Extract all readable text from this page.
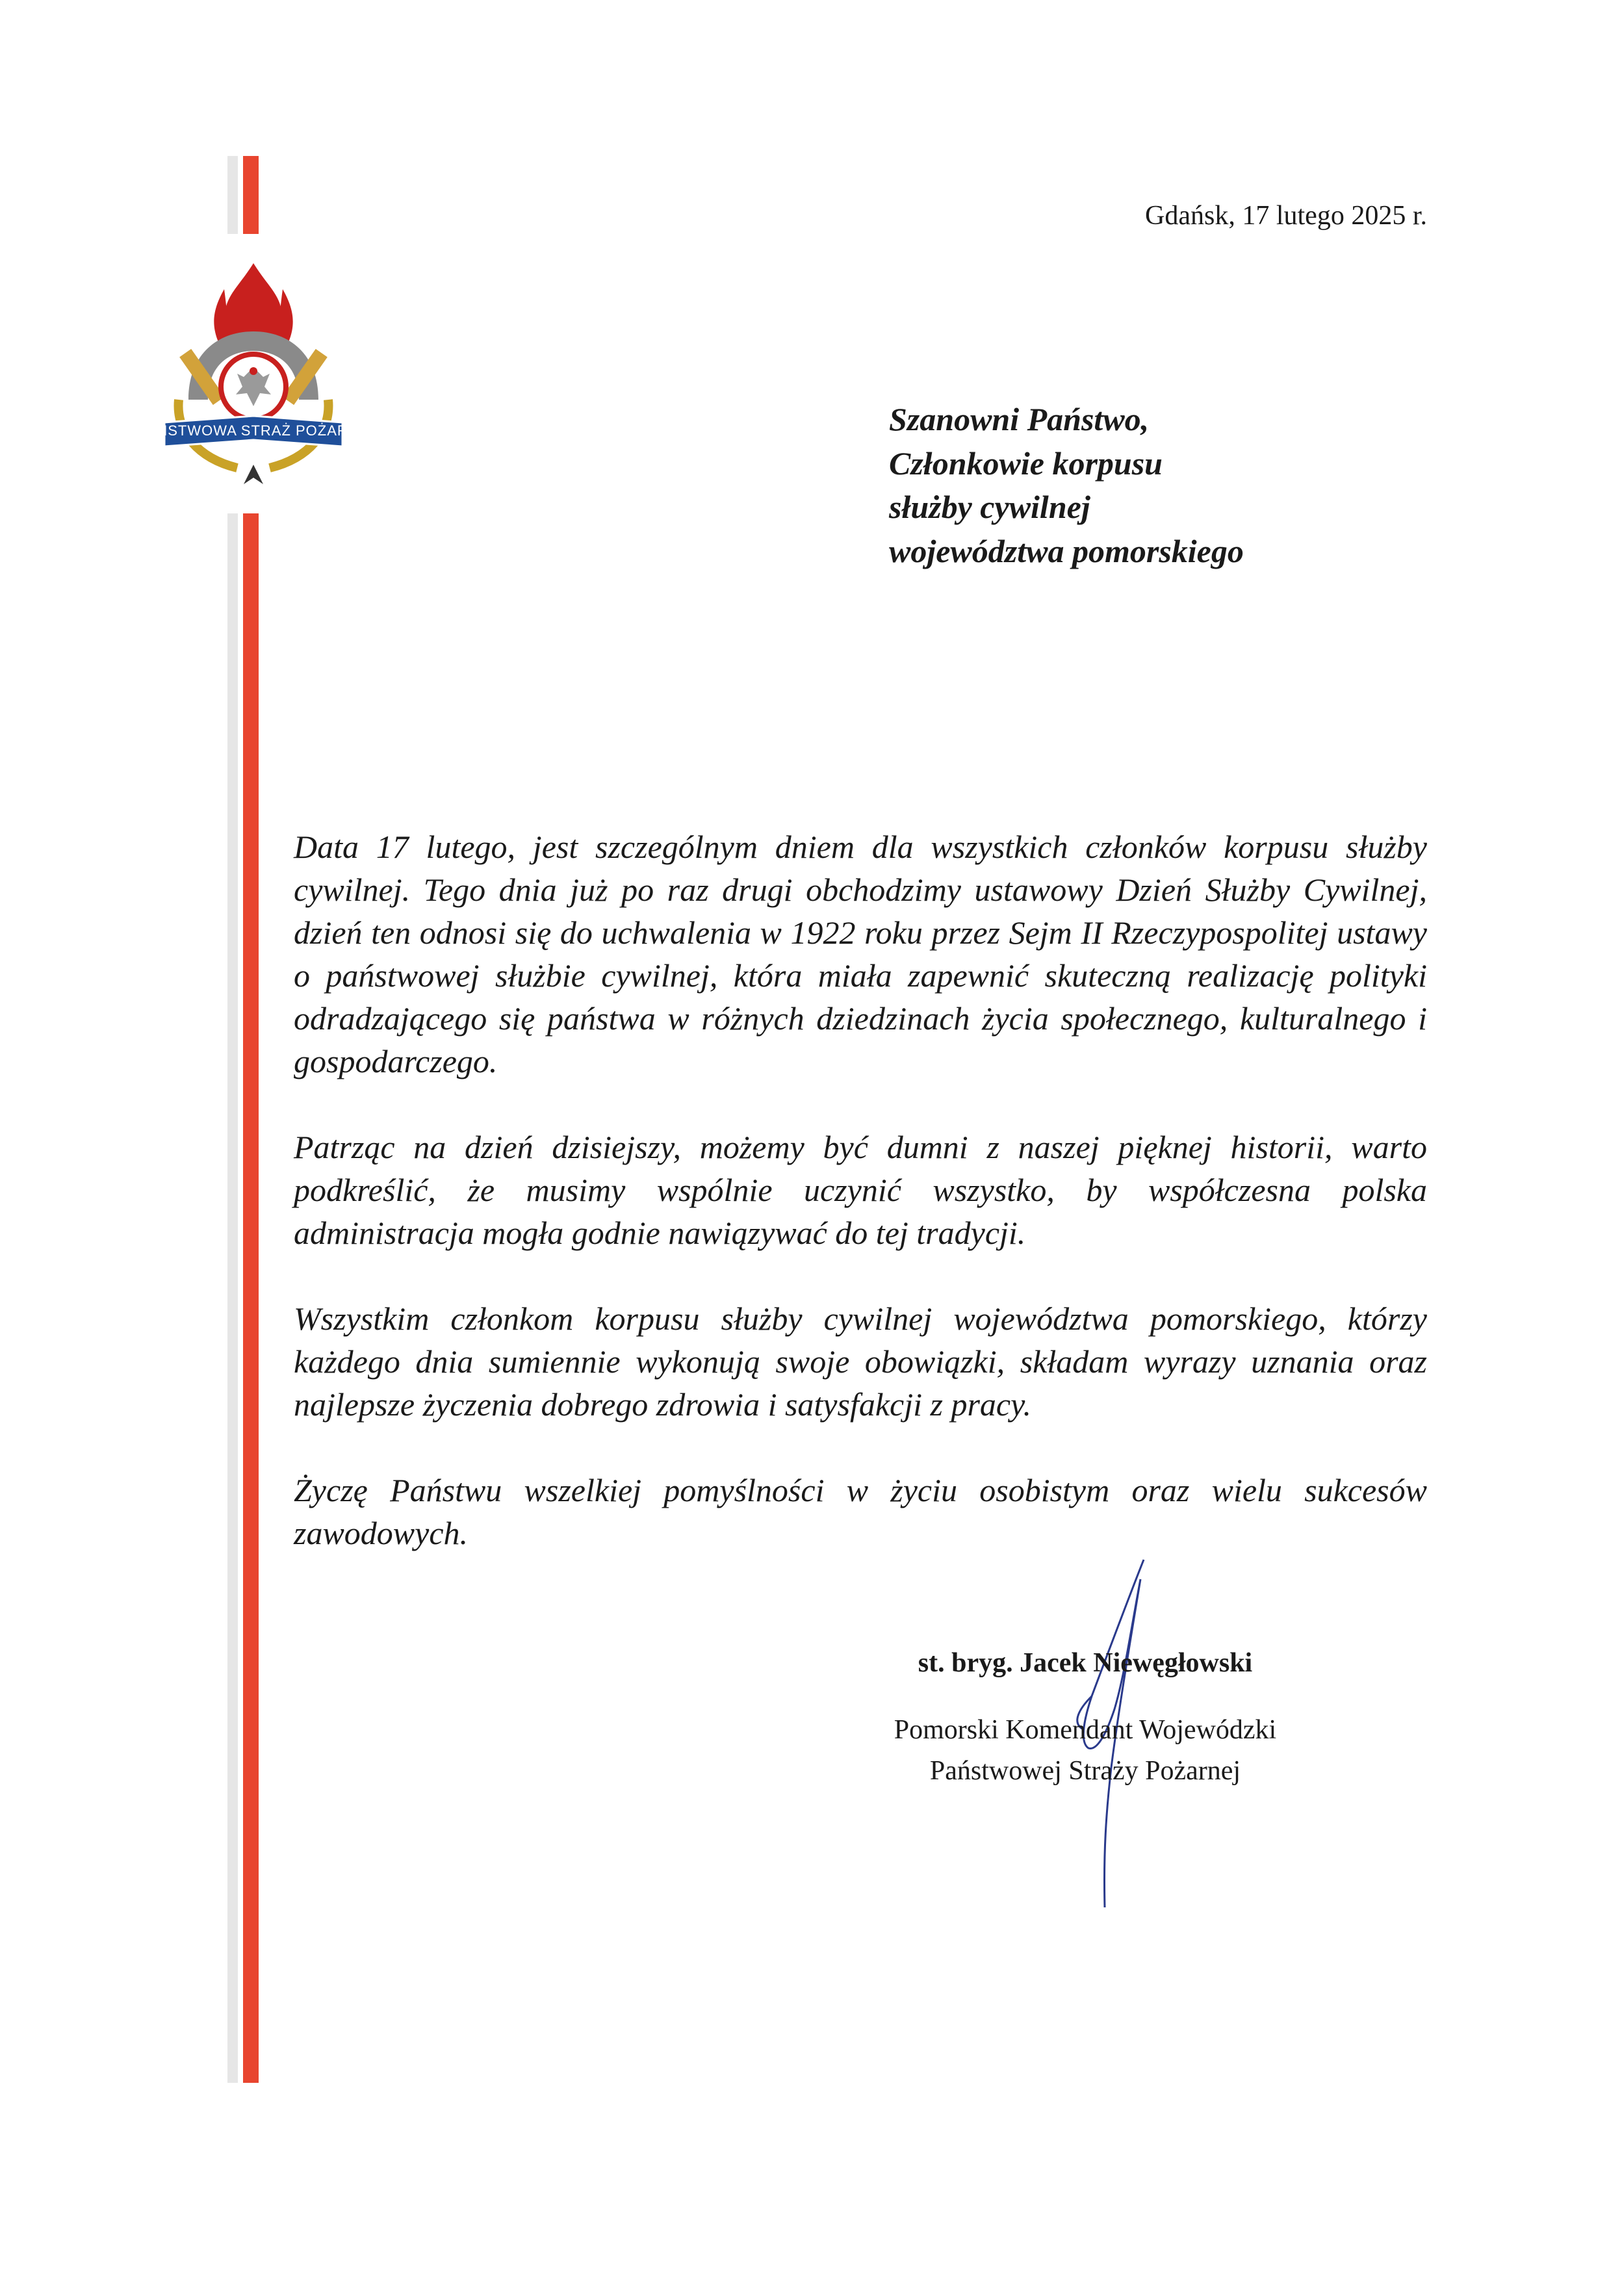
PAŃSTWOWA STRAŻ POŻARNA
Gdańsk, 17 lutego 2025 r.
Szanowni Państwo,
Członkowie korpusu
służby cywilnej
województwa pomorskiego

Data 17 lutego, jest szczególnym dniem dla wszystkich członków korpusu służby cywilnej. Tego dnia już po raz drugi obchodzimy ustawowy Dzień Służby Cywilnej, dzień ten odnosi się do uchwalenia w 1922 roku przez Sejm II Rzeczypospolitej ustawy o państwowej służbie cywilnej, która miała zapewnić skuteczną realizację polityki odradzającego się państwa w różnych dziedzinach życia społecznego, kulturalnego i gospodarczego.

Patrząc na dzień dzisiejszy, możemy być dumni z naszej pięknej historii, warto podkreślić, że musimy wspólnie uczynić wszystko, by współczesna polska administracja mogła godnie nawiązywać do tej tradycji.

Wszystkim członkom korpusu służby cywilnej województwa pomorskiego, którzy każdego dnia sumiennie wykonują swoje obowiązki, składam wyrazy uznania oraz najlepsze życzenia dobrego zdrowia i satysfakcji z pracy.

Życzę Państwu wszelkiej pomyślności w życiu osobistym oraz wielu sukcesów zawodowych.

st. bryg. Jacek Niewęgłowski
Pomorski Komendant Wojewódzki
Państwowej Straży Pożarnej
